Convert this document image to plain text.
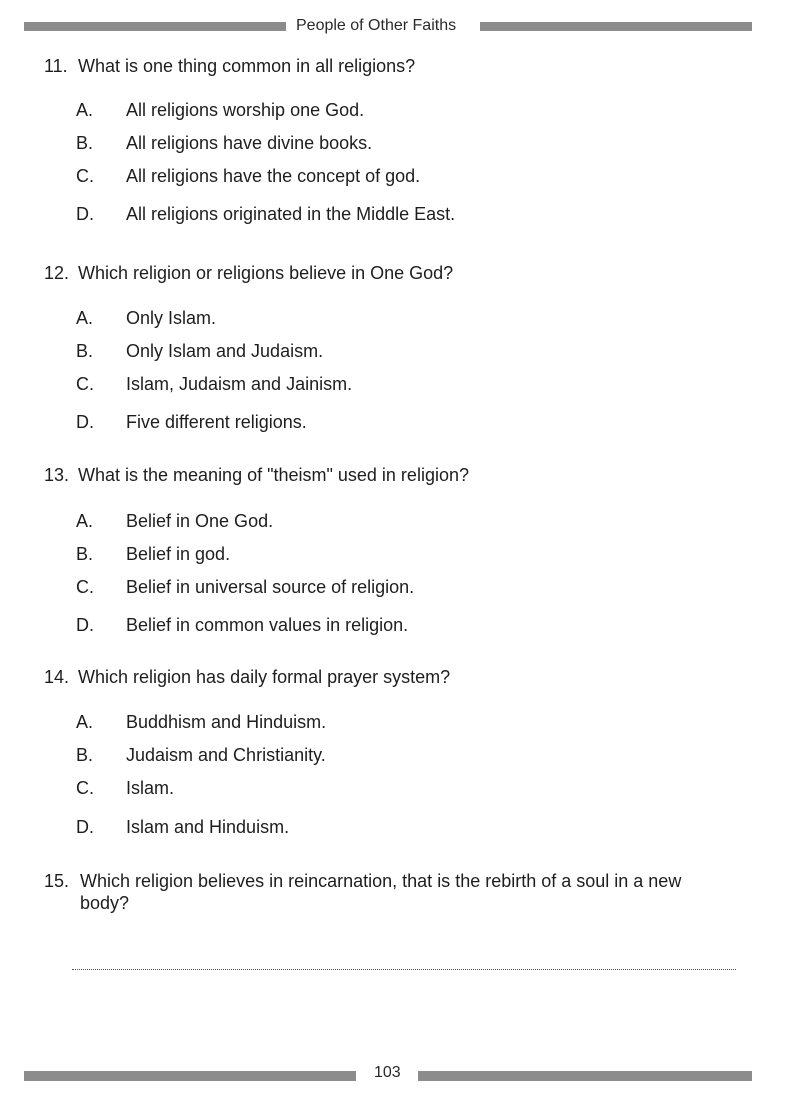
People of Other Faiths
11. What is one thing common in all religions?
A.	All religions worship one God.
B.	All religions have divine books.
C.	All religions have the concept of god.
D.	All religions originated in the Middle East.
12. Which religion or religions believe in One God?
A.	Only Islam.
B.	Only Islam and Judaism.
C.	Islam, Judaism and Jainism.
D.	Five different religions.
13. What is the meaning of "theism" used in religion?
A.	Belief in One God.
B.	Belief in god.
C.	Belief in universal source of religion.
D.	Belief in common values in religion.
14. Which religion has daily formal prayer system?
A.	Buddhism and Hinduism.
B.	Judaism and Christianity.
C.	Islam.
D.	Islam and Hinduism.
15. Which religion believes in reincarnation, that is the rebirth of a soul in a new body?
103
